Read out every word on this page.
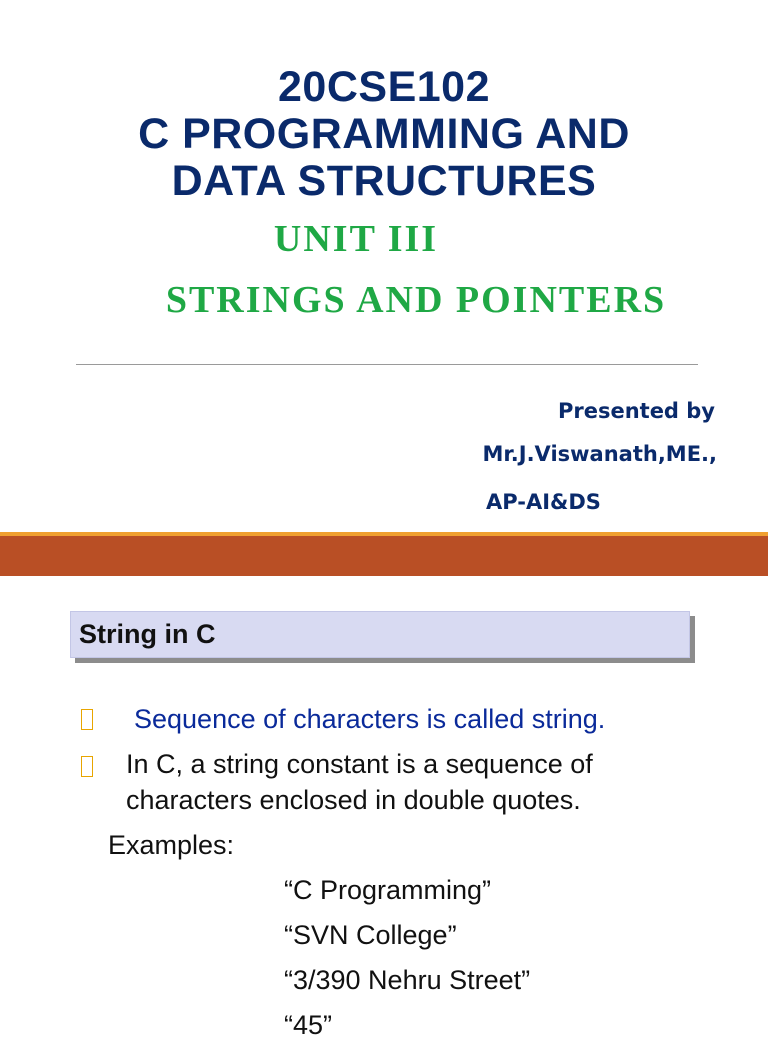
20CSE102
C PROGRAMMING AND
DATA STRUCTURES
UNIT III
STRINGS AND POINTERS
Presented by
Mr.J.Viswanath,ME.,
AP-AI&DS
String in C
Sequence of characters is called string.
In C, a string constant is a sequence of
characters enclosed in double quotes.
Examples:
“C Programming”
“SVN College”
“3/390 Nehru Street”
“45”
